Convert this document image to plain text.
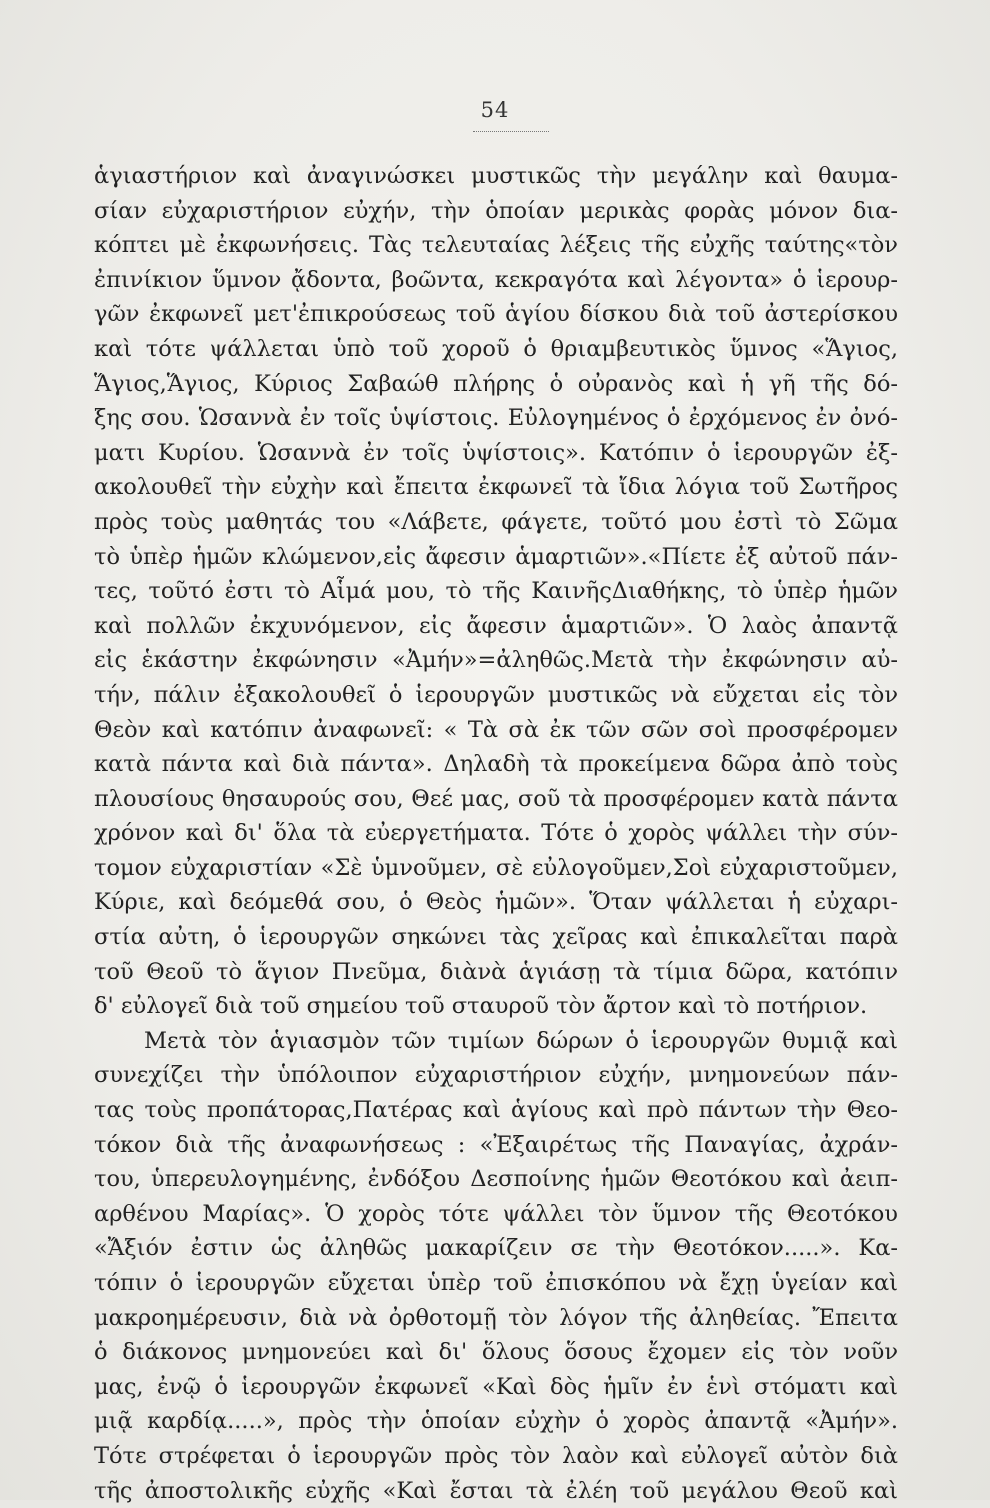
54
ἁγιαστήριον καὶ ἀναγινώσκει μυστικῶς τὴν μεγάλην καὶ θαυμα-
σίαν εὐχαριστήριον εὐχήν, τὴν ὁποίαν μερικὰς φορὰς μόνον δια-
κόπτει μὲ ἐκφωνήσεις. Τὰς τελευταίας λέξεις τῆς εὐχῆς ταύτης«τὸν
ἐπινίκιον ὕμνον ᾄδοντα, βοῶντα, κεκραγότα καὶ λέγοντα» ὁ ἱερουρ-
γῶν ἐκφωνεῖ μετ'ἐπικρούσεως τοῦ ἁγίου δίσκου διὰ τοῦ ἀστερίσκου
καὶ τότε ψάλλεται ὑπὸ τοῦ χοροῦ ὁ θριαμβευτικὸς ὕμνος «Ἅγιος,
Ἅγιος,Ἅγιος, Κύριος Σαβαώθ πλήρης ὁ οὐρανὸς καὶ ἡ γῆ τῆς δό-
ξης σου. Ὡσαννὰ ἐν τοῖς ὑψίστοις. Εὐλογημένος ὁ ἐρχόμενος ἐν ὀνό-
ματι Κυρίου. Ὡσαννὰ ἐν τοῖς ὑψίστοις». Κατόπιν ὁ ἱερουργῶν ἐξ-
ακολουθεῖ τὴν εὐχὴν καὶ ἔπειτα ἐκφωνεῖ τὰ ἴδια λόγια τοῦ Σωτῆρος
πρὸς τοὺς μαθητάς του «Λάβετε, φάγετε, τοῦτό μου ἐστὶ τὸ Σῶμα
τὸ ὑπὲρ ἡμῶν κλώμενον,εἰς ἄφεσιν ἁμαρτιῶν».«Πίετε ἐξ αὐτοῦ πάν-
τες, τοῦτό ἐστι τὸ Αἷμά μου, τὸ τῆς ΚαινῆςΔιαθήκης, τὸ ὑπὲρ ἡμῶν
καὶ πολλῶν ἐκχυνόμενον, εἰς ἄφεσιν ἁμαρτιῶν». Ὁ λαὸς ἀπαντᾷ
εἰς ἑκάστην ἐκφώνησιν «Ἀμήν»=ἀληθῶς.Μετὰ τὴν ἐκφώνησιν αὐ-
τήν, πάλιν ἐξακολουθεῖ ὁ ἱερουργῶν μυστικῶς νὰ εὔχεται εἰς τὸν
Θεὸν καὶ κατόπιν ἀναφωνεῖ: « Τὰ σὰ ἐκ τῶν σῶν σοὶ προσφέρομεν
κατὰ πάντα καὶ διὰ πάντα». Δηλαδὴ τὰ προκείμενα δῶρα ἀπὸ τοὺς
πλουσίους θησαυρούς σου, Θεέ μας, σοῦ τὰ προσφέρομεν κατὰ πάντα
χρόνον καὶ δι' ὅλα τὰ εὐεργετήματα. Τότε ὁ χορὸς ψάλλει τὴν σύν-
τομον εὐχαριστίαν «Σὲ ὑμνοῦμεν, σὲ εὐλογοῦμεν,Σοὶ εὐχαριστοῦμεν,
Κύριε, καὶ δεόμεθά σου, ὁ Θεὸς ἡμῶν». Ὅταν ψάλλεται ἡ εὐχαρι-
στία αὐτη, ὁ ἱερουργῶν σηκώνει τὰς χεῖρας καὶ ἐπικαλεῖται παρὰ
τοῦ Θεοῦ τὸ ἅγιον Πνεῦμα, διὰνὰ ἁγιάσῃ τὰ τίμια δῶρα, κατόπιν
δ' εὐλογεῖ διὰ τοῦ σημείου τοῦ σταυροῦ τὸν ἄρτον καὶ τὸ ποτήριον.
Μετὰ τὸν ἁγιασμὸν τῶν τιμίων δώρων ὁ ἱερουργῶν θυμιᾷ καὶ
συνεχίζει τὴν ὑπόλοιπον εὐχαριστήριον εὐχήν, μνημονεύων πάν-
τας τοὺς προπάτορας,Πατέρας καὶ ἁγίους καὶ πρὸ πάντων τὴν Θεο-
τόκον διὰ τῆς ἀναφωνήσεως : «Ἐξαιρέτως τῆς Παναγίας, ἀχράν-
του, ὑπερευλογημένης, ἐνδόξου Δεσποίνης ἡμῶν Θεοτόκου καὶ ἀειπ-
αρθένου Μαρίας». Ὁ χορὸς τότε ψάλλει τὸν ὕμνον τῆς Θεοτόκου
«Ἄξιόν ἐστιν ὡς ἀληθῶς μακαρίζειν σε τὴν Θεοτόκον.....». Κα-
τόπιν ὁ ἱερουργῶν εὔχεται ὑπὲρ τοῦ ἐπισκόπου νὰ ἔχῃ ὑγείαν καὶ
μακροημέρευσιν, διὰ νὰ ὀρθοτομῇ τὸν λόγον τῆς ἀληθείας. Ἔπειτα
ὁ διάκονος μνημονεύει καὶ δι' ὅλους ὅσους ἔχομεν εἰς τὸν νοῦν
μας, ἐνῷ ὁ ἱερουργῶν ἐκφωνεῖ «Καὶ δὸς ἡμῖν ἐν ἑνὶ στόματι καὶ
μιᾷ καρδίᾳ.....», πρὸς τὴν ὁποίαν εὐχὴν ὁ χορὸς ἀπαντᾷ «Ἀμήν».
Τότε στρέφεται ὁ ἱερουργῶν πρὸς τὸν λαὸν καὶ εὐλογεῖ αὐτὸν διὰ
τῆς ἀποστολικῆς εὐχῆς «Καὶ ἔσται τὰ ἐλέη τοῦ μεγάλου Θεοῦ καὶ
